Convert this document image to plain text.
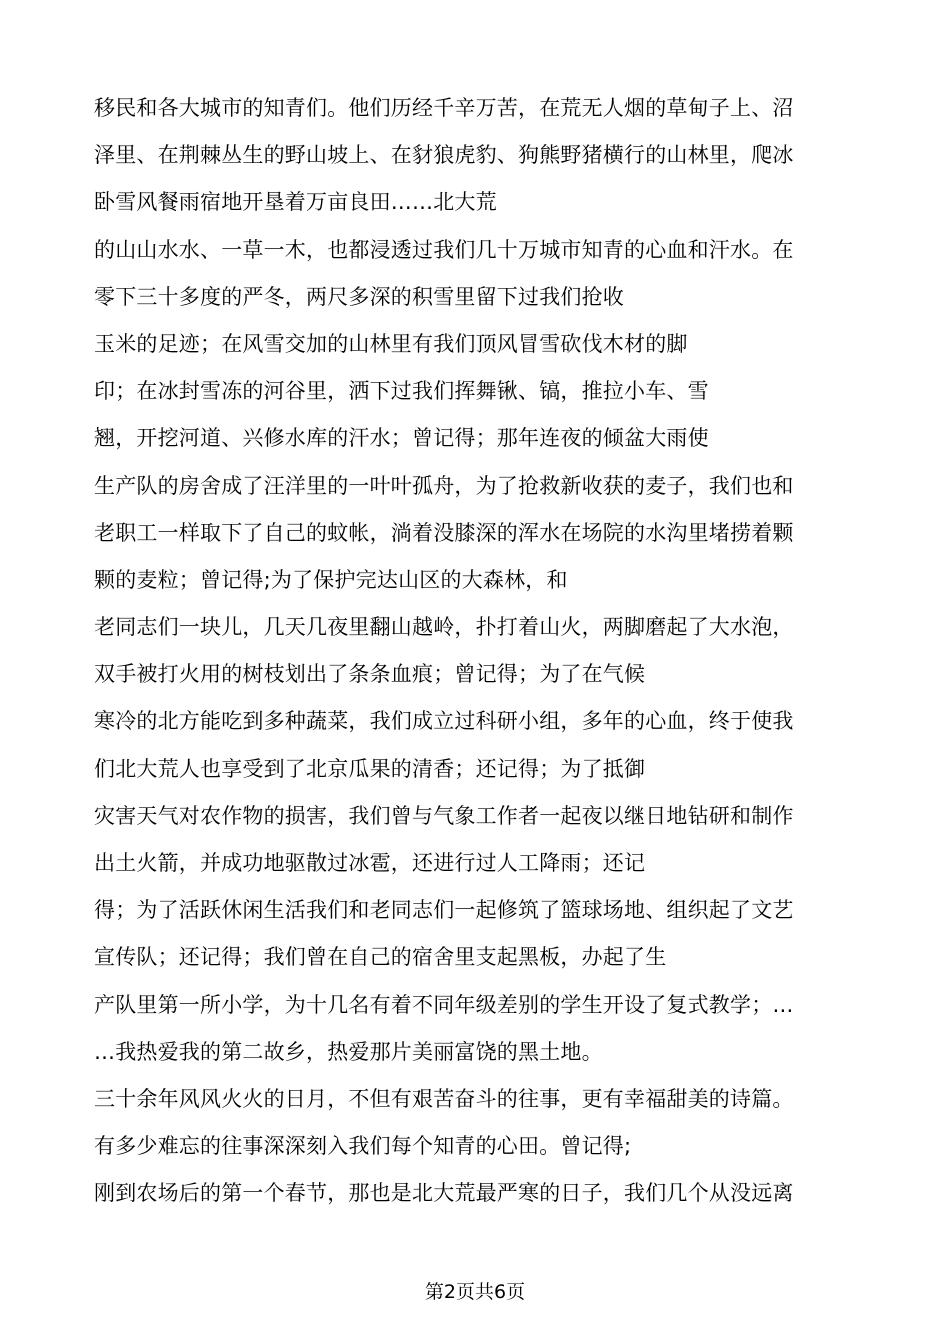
移民和各大城市的知青们。他们历经千辛万苦，在荒无人烟的草甸子上、沼
泽里、在荆棘丛生的野山坡上、在豺狼虎豹、狗熊野猪横行的山林里，爬冰
卧雪风餐雨宿地开垦着万亩良田……北大荒
的山山水水、一草一木，也都浸透过我们几十万城市知青的心血和汗水。在
零下三十多度的严冬，两尺多深的积雪里留下过我们抢收
玉米的足迹；在风雪交加的山林里有我们顶风冒雪砍伐木材的脚
印；在冰封雪冻的河谷里，洒下过我们挥舞锹、镐，推拉小车、雪
翘，开挖河道、兴修水库的汗水；曾记得；那年连夜的倾盆大雨使
生产队的房舍成了汪洋里的一叶叶孤舟，为了抢救新收获的麦子，我们也和
老职工一样取下了自己的蚊帐，淌着没膝深的浑水在场院的水沟里堵捞着颗
颗的麦粒；曾记得;为了保护完达山区的大森林，和
老同志们一块儿，几天几夜里翻山越岭，扑打着山火，两脚磨起了大水泡，
双手被打火用的树枝划出了条条血痕；曾记得；为了在气候
寒冷的北方能吃到多种蔬菜，我们成立过科研小组，多年的心血，终于使我
们北大荒人也享受到了北京瓜果的清香；还记得；为了抵御
灾害天气对农作物的损害，我们曾与气象工作者一起夜以继日地钻研和制作
出土火箭，并成功地驱散过冰雹，还进行过人工降雨；还记
得；为了活跃休闲生活我们和老同志们一起修筑了篮球场地、组织起了文艺
宣传队；还记得；我们曾在自己的宿舍里支起黑板，办起了生
产队里第一所小学，为十几名有着不同年级差别的学生开设了复式教学；…
…我热爱我的第二故乡，热爱那片美丽富饶的黑土地。
三十余年风风火火的日月，不但有艰苦奋斗的往事，更有幸福甜美的诗篇。
有多少难忘的往事深深刻入我们每个知青的心田。曾记得;
刚到农场后的第一个春节，那也是北大荒最严寒的日子，我们几个从没远离
第2页共6页
